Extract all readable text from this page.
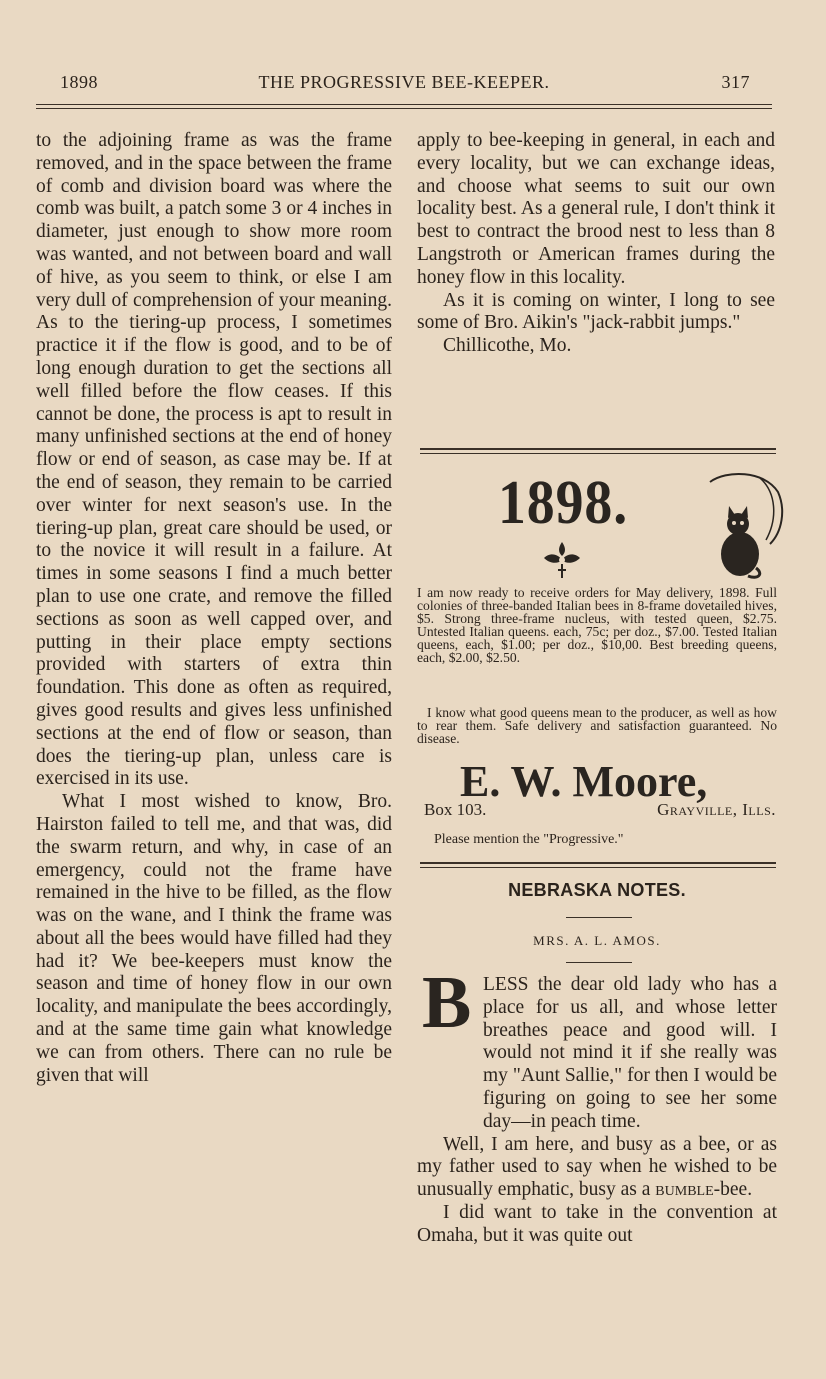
1898	THE PROGRESSIVE BEE-KEEPER.	317

to the adjoining frame as was the frame removed, and in the space between the frame of comb and division board was where the comb was built, a patch some 3 or 4 inches in diameter, just enough to show more room was wanted, and not between board and wall of hive, as you seem to think, or else I am very dull of comprehension of your meaning. As to the tiering-up process, I sometimes practice it if the flow is good, and to be of long enough duration to get the sections all well filled before the flow ceases. If this cannot be done, the process is apt to result in many unfinished sections at the end of honey flow or end of season, as case may be. If at the end of season, they remain to be carried over winter for next season's use. In the tiering-up plan, great care should be used, or to the novice it will result in a failure. At times in some seasons I find a much better plan to use one crate, and remove the filled sections as soon as well capped over, and putting in their place empty sections provided with starters of extra thin foundation. This done as often as required, gives good results and gives less unfinished sections at the end of flow or season, than does the tiering-up plan, unless care is exercised in its use.

What I most wished to know, Bro. Hairston failed to tell me, and that was, did the swarm return, and why, in case of an emergency, could not the frame have remained in the hive to be filled, as the flow was on the wane, and I think the frame was about all the bees would have filled had they had it? We bee-keepers must know the season and time of honey flow in our own locality, and manipulate the bees accordingly, and at the same time gain what knowledge we can from others. There can no rule be given that will

apply to bee-keeping in general, in each and every locality, but we can exchange ideas, and choose what seems to suit our own locality best. As a general rule, I don't think it best to contract the brood nest to less than 8 Langstroth or American frames during the honey flow in this locality.

As it is coming on winter, I long to see some of Bro. Aikin's "jack-rabbit jumps."

Chillicothe, Mo.

1898.
I am now ready to receive orders for May delivery, 1898. Full colonies of three-banded Italian bees in 8-frame dovetailed hives, $5. Strong three-frame nucleus, with tested queen, $2.75. Untested Italian queens. each, 75c; per doz., $7.00. Tested Italian queens, each, $1.00; per doz., $10,00. Best breeding queens, each, $2.00, $2.50.
I know what good queens mean to the producer, as well as how to rear them. Safe delivery and satisfaction guaranteed. No disease.
E. W. Moore,
Box 103.	Grayville, Ills.
Please mention the "Progressive."
NEBRASKA NOTES.
MRS. A. L. AMOS.
B LESS the dear old lady who has a place for us all, and whose letter breathes peace and good will. I would not mind it if she really was my "Aunt Sallie," for then I would be figuring on going to see her some day—in peach time.

Well, I am here, and busy as a bee, or as my father used to say when he wished to be unusually emphatic, busy as a bumble-bee.

I did want to take in the convention at Omaha, but it was quite out
